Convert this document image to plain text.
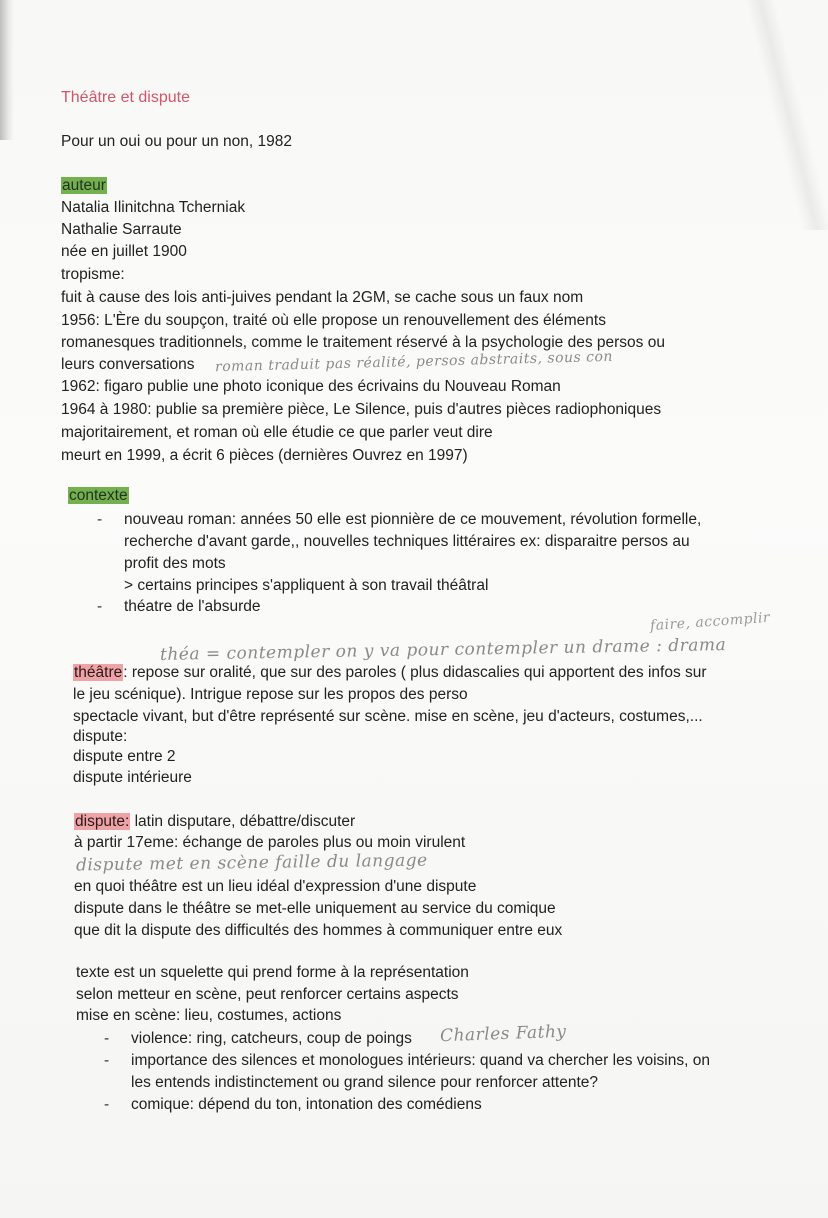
Théâtre et dispute
Pour un oui ou pour un non, 1982
auteur
Natalia Ilinitchna Tcherniak
Nathalie Sarraute
née en juillet 1900
tropisme:
fuit à cause des lois anti-juives pendant la 2GM, se cache sous un faux nom
1956: L'Ère du soupçon, traité où elle propose un renouvellement des éléments
romanesques traditionnels, comme le traitement réservé à la psychologie des persos ou
leurs conversations roman traduit pas réalité, persos abstraits, sous con
1962: figaro publie une photo iconique des écrivains du Nouveau Roman
1964 à 1980: publie sa première pièce, Le Silence, puis d'autres pièces radiophoniques
majoritairement, et roman où elle étudie ce que parler veut dire
meurt en 1999, a écrit 6 pièces (dernières Ouvrez en 1997)
contexte
- nouveau roman: années 50 elle est pionnière de ce mouvement, révolution formelle,
recherche d'avant garde,, nouvelles techniques littéraires ex: disparaitre persos au
profit des mots
> certains principes s'appliquent à son travail théâtral
- théatre de l'absurde
faire, accomplir
théa = contempler on y va pour contempler un drame : drama
théâtre: repose sur oralité, que sur des paroles ( plus didascalies qui apportent des infos sur
le jeu scénique). Intrigue repose sur les propos des perso
spectacle vivant, but d'être représenté sur scène. mise en scène, jeu d'acteurs, costumes,...
dispute:
dispute entre 2
dispute intérieure
dispute: latin disputare, débattre/discuter
à partir 17eme: échange de paroles plus ou moin virulent
dispute met en scène faille du langage
en quoi théâtre est un lieu idéal d'expression d'une dispute
dispute dans le théâtre se met-elle uniquement au service du comique
que dit la dispute des difficultés des hommes à communiquer entre eux
texte est un squelette qui prend forme à la représentation
selon metteur en scène, peut renforcer certains aspects
mise en scène: lieu, costumes, actions
- violence: ring, catcheurs, coup de poings Charles Fathy
- importance des silences et monologues intérieurs: quand va chercher les voisins, on
les entends indistinctement ou grand silence pour renforcer attente?
- comique: dépend du ton, intonation des comédiens
